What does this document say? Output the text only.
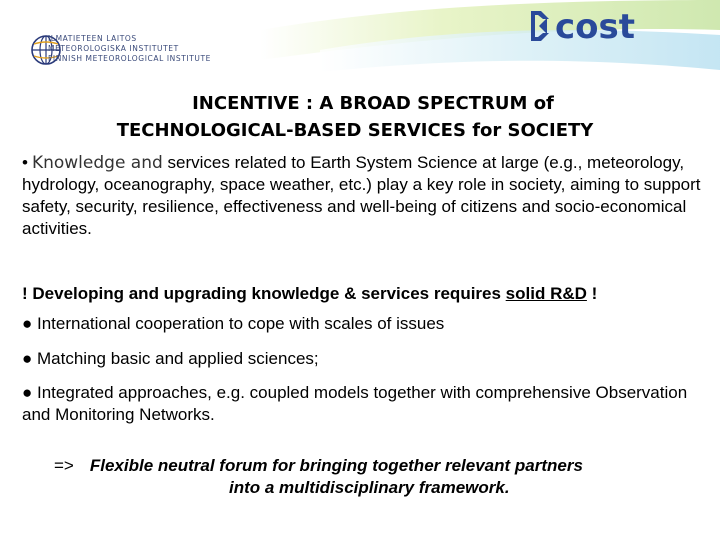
ILMATIETEEN LAITOS
METEOROLOGISKA INSTITUTET
FINNISH METEOROLOGICAL INSTITUTE
cost
INCENTIVE : A BROAD SPECTRUM of
TECHNOLOGICAL-BASED SERVICES for SOCIETY
• Knowledge and services related to Earth System Science at large (e.g., meteorology, hydrology, oceanography, space weather, etc.) play a key role in society, aiming to support safety, security, resilience, effectiveness and well-being of citizens and socio-economical activities.
! Developing and upgrading knowledge & services requires solid R&D !
● International cooperation to cope with scales of issues
● Matching basic and applied sciences;
● Integrated approaches, e.g. coupled models together with comprehensive Observation and Monitoring Networks.
=> Flexible neutral forum for bringing together relevant partners
into a multidisciplinary framework.
